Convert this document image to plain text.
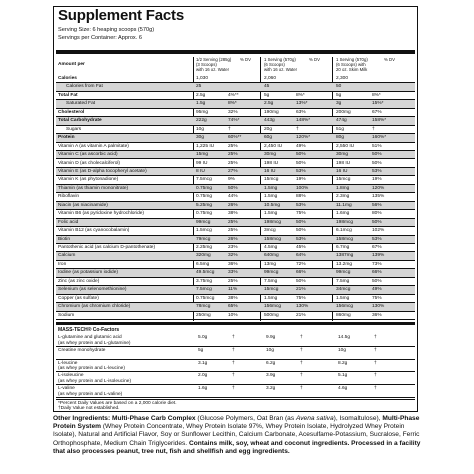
Supplement Facts
Serving Size: 6 heaping scoops (570g)
Servings per Container: Approx. 6
Amount per
1/2 Serving (285g)
(3 Scoops)
with 16 oz. Water
% DV	1 Serving (570g)
(6 Scoops)
with 16 oz. Water
% DV	1 Serving (570g)
(6 Scoops) with
20 oz. Skim Milk
% DV
Calories	1,030	2,060	2,300
Calories from Fat	25	45	50
Total Fat	2.5g	4%**	5g	8%*	5g	8%*
Saturated Fat	1.5g	8%*	2.5g	13%*	3g	15%*
Cholesterol	95mg	32%	190mg	63%	200mg	67%
Total Carbohydrate	222g	74%*	443g	148%*	474g	158%*
Sugars	10g	†	20g	†	51g	†
Protein	30g	60%**	60g	120%*	80g	160%*
Vitamin A (as vitamin A palmitate)	1,225 IU	25%	2,450 IU	49%	2,550 IU	51%
Vitamin C (as ascorbic acid)	15mg	25%	30mg	50%	30mg	50%
Vitamin D (as cholecalciferol)	99 IU	25%	198 IU	50%	198 IU	50%
Vitamin E (as D-alpha tocopheryl acetate)	8 IU	27%	16 IU	53%	16 IU	53%
Vitamin K (as phytonadione)	7.5mcg	9%	15mcg	19%	15mcg	19%
Thiamin (as thiamin mononitrate)	0.75mg	50%	1.5mg	100%	1.8mg	120%
Riboflavin	0.75mg	44%	1.5mg	88%	2.3mg	135%
Niacin (as niacinamide)	5.25mg	26%	10.5mg	53%	11.1mg	56%
Vitamin B6 (as pyridoxine hydrochloride)	0.75mg	38%	1.5mg	75%	1.6mg	80%
Folic acid	99mcg	25%	198mcg	50%	198mcg	50%
Vitamin B12 (as cyanocobalamin)	1.5mcg	25%	3mcg	50%	6.1mcg	102%
Biotin	79mcg	26%	158mcg	53%	158mcg	53%
Pantothenic acid (as calcium D-pantothenate)	2.25mg	23%	4.5mg	45%	6.7mg	67%
Calcium	320mg	32%	640mg	64%	1387mg	139%
Iron	6.5mg	36%	13mg	72%	13.2mg	73%
Iodine (as potassium iodide)	49.5mcg	33%	99mcg	66%	99mcg	66%
Zinc (as zinc oxide)	3.75mg	25%	7.5mg	50%	7.5mg	50%
Selenium (as selenomethionine)	7.5mcg	11%	15mcg	21%	34mcg	49%
Copper (as sulfate)	0.75mcg	38%	1.5mg	75%	1.5mg	75%
Chromium (as chromium chloride)	78mcg	65%	156mcg	130%	156mcg	130%
Sodium	250mg	10%	500mg	21%	860mg	36%
MASS-TECH® Co-Factors
L-glutamine and glutamic acid
(as whey protein and L-glutamine)
5.0g	†	9.9g	†	14.5g	†
Creatine monohydrate	5g	†	10g	†	10g	†
L-leucine
(as whey protein and L-leucine)
3.1g	†	6.2g	†	8.2g	†
L-isoleucine
(as whey protein and L-isoleucine)
2.0g	†	3.9g	†	5.1g	†
L-valine
(as whey protein and L-valine)
1.6g	†	3.2g	†	4.6g	†
*Percent Daily Values are based on a 2,000 calorie diet.
†Daily Value not established.
Other Ingredients: Multi-Phase Carb Complex (Glucose Polymers, Oat Bran (as Avena sativa), Isomaltulose), Multi-Phase Protein System (Whey Protein Concentrate, Whey Protein Isolate 97%, Whey Protein Isolate, Hydrolyzed Whey Protein Isolate), Natural and Artificial Flavor, Soy or Sunflower Lecithin, Calcium Carbonate, Acesulfame-Potassium, Sucralose, Ferric Orthophosphate, Medium Chain Triglycerides. Contains milk, soy, wheat and coconut ingredients. Processed in a facility that also processes peanut, tree nut, fish and shellfish and egg ingredients.
